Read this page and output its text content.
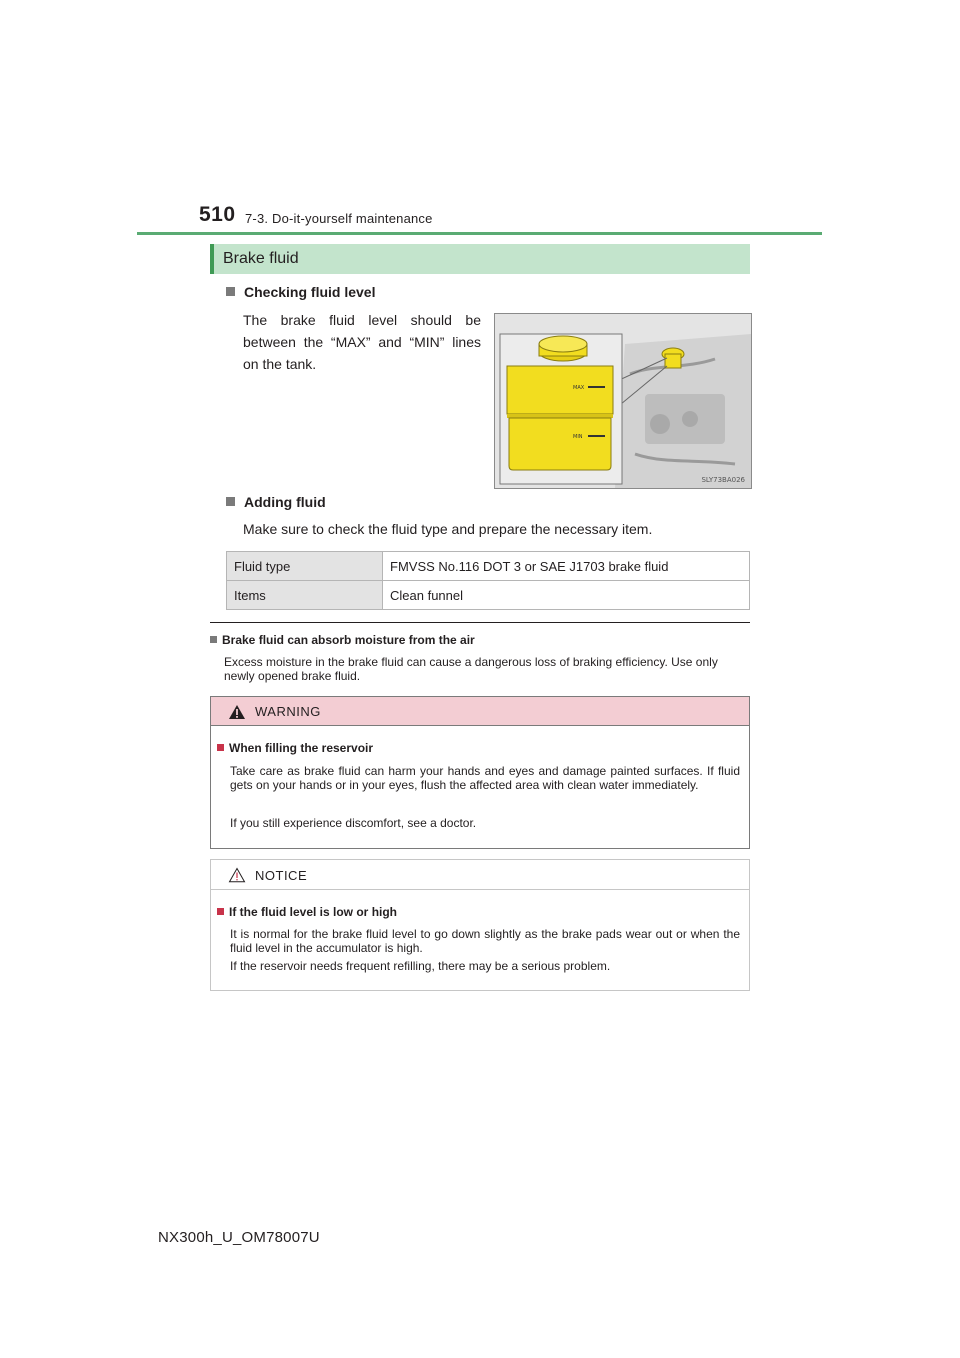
510 7-3. Do-it-yourself maintenance
Brake fluid
Checking fluid level
The brake fluid level should be between the “MAX” and “MIN” lines on the tank.
MAX
MIN
SLY73BA026
Adding fluid
Make sure to check the fluid type and prepare the necessary item.
Fluid type	FMVSS No.116 DOT 3 or SAE J1703 brake fluid
Items	Clean funnel
Brake fluid can absorb moisture from the air
Excess moisture in the brake fluid can cause a dangerous loss of braking efficiency. Use only newly opened brake fluid.
WARNING
When filling the reservoir
Take care as brake fluid can harm your hands and eyes and damage painted surfaces. If fluid gets on your hands or in your eyes, flush the affected area with clean water immediately.
If you still experience discomfort, see a doctor.
NOTICE
If the fluid level is low or high
It is normal for the brake fluid level to go down slightly as the brake pads wear out or when the fluid level in the accumulator is high.
If the reservoir needs frequent refilling, there may be a serious problem.
NX300h_U_OM78007U
